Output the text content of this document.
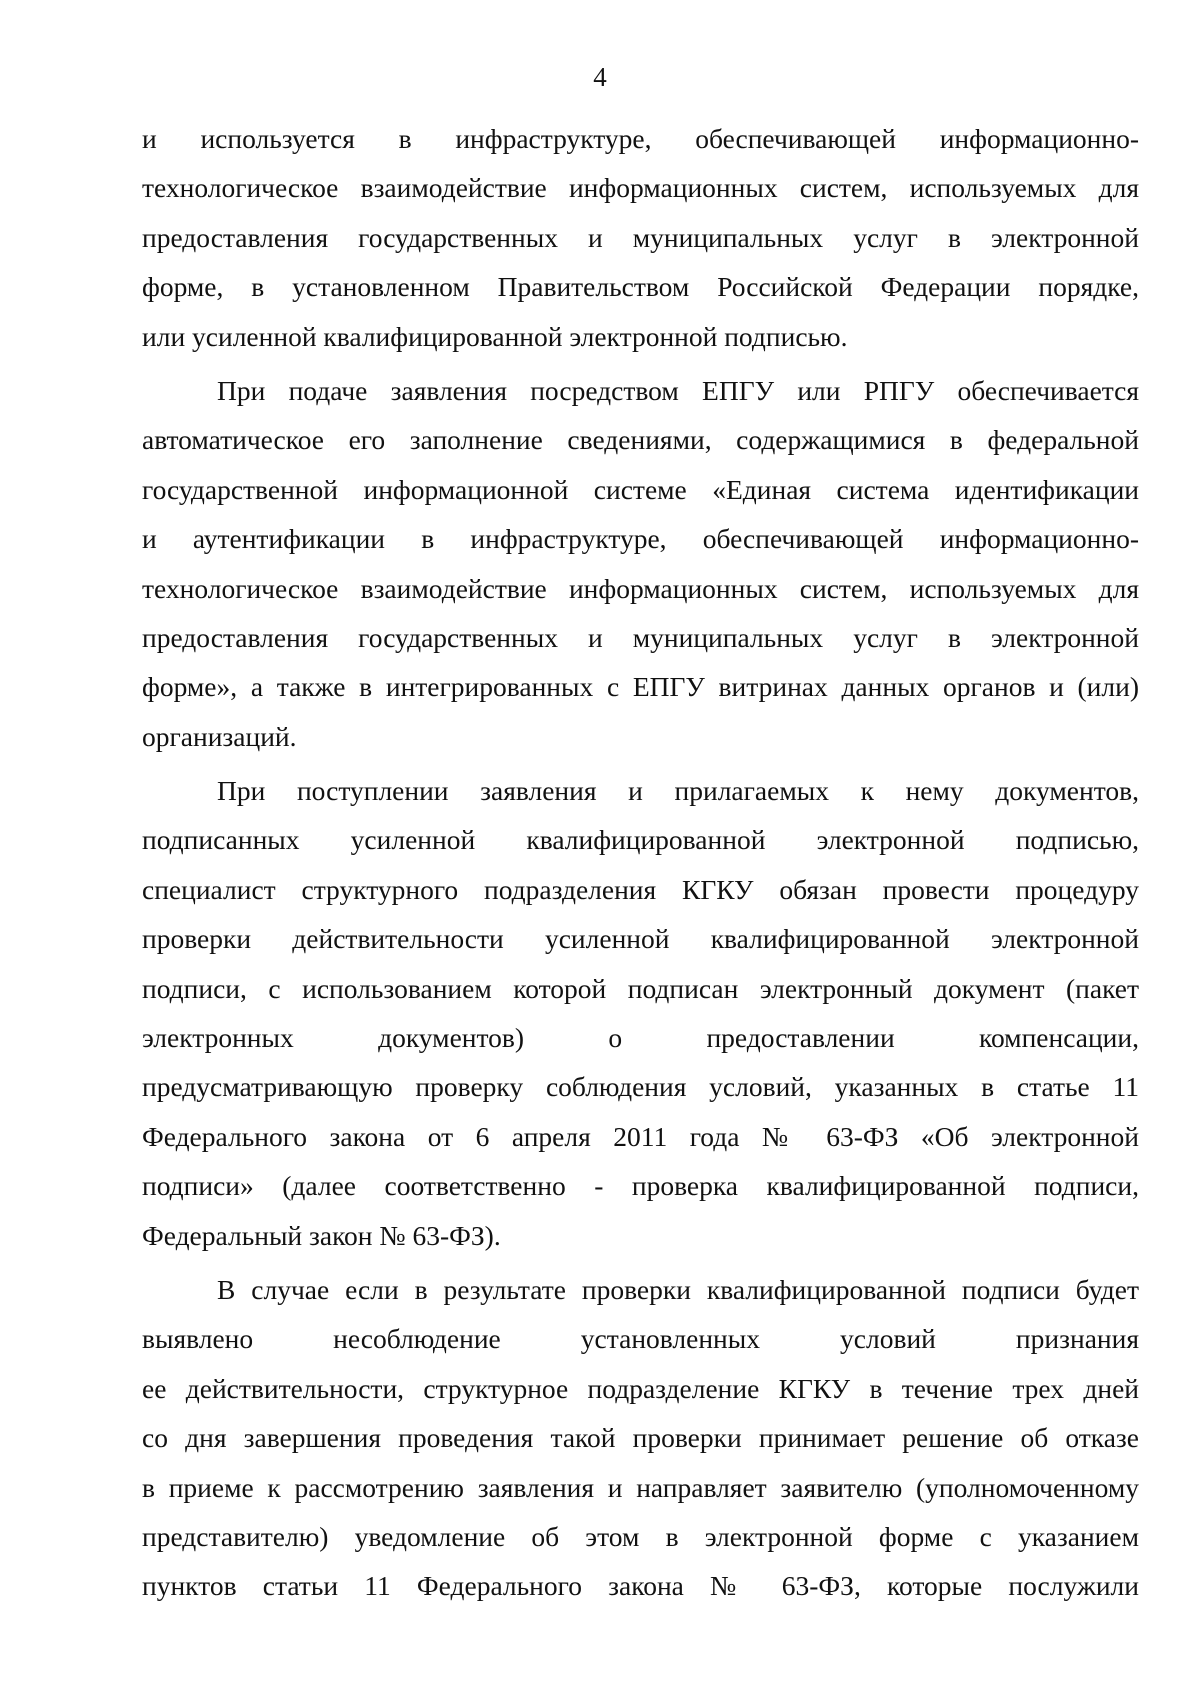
4
и используется в инфраструктуре, обеспечивающей информационно-
технологическое взаимодействие информационных систем, используемых для
предоставления государственных и муниципальных услуг в электронной
форме, в установленном Правительством Российской Федерации порядке,
или усиленной квалифицированной электронной подписью.
При подаче заявления посредством ЕПГУ или РПГУ обеспечивается
автоматическое его заполнение сведениями, содержащимися в федеральной
государственной информационной системе «Единая система идентификации
и аутентификации в инфраструктуре, обеспечивающей информационно-
технологическое взаимодействие информационных систем, используемых для
предоставления государственных и муниципальных услуг в электронной
форме», а также в интегрированных с ЕПГУ витринах данных органов и (или)
организаций.
При поступлении заявления и прилагаемых к нему документов,
подписанных усиленной квалифицированной электронной подписью,
специалист структурного подразделения КГКУ обязан провести процедуру
проверки действительности усиленной квалифицированной электронной
подписи, с использованием которой подписан электронный документ (пакет
электронных документов) о предоставлении компенсации,
предусматривающую проверку соблюдения условий, указанных в статье 11
Федерального закона от 6 апреля 2011 года № 63-ФЗ «Об электронной
подписи» (далее соответственно - проверка квалифицированной подписи,
Федеральный закон № 63-ФЗ).
В случае если в результате проверки квалифицированной подписи будет
выявлено несоблюдение установленных условий признания
ее действительности, структурное подразделение КГКУ в течение трех дней
со дня завершения проведения такой проверки принимает решение об отказе
в приеме к рассмотрению заявления и направляет заявителю (уполномоченному
представителю) уведомление об этом в электронной форме с указанием
пунктов статьи 11 Федерального закона № 63-ФЗ, которые послужили
